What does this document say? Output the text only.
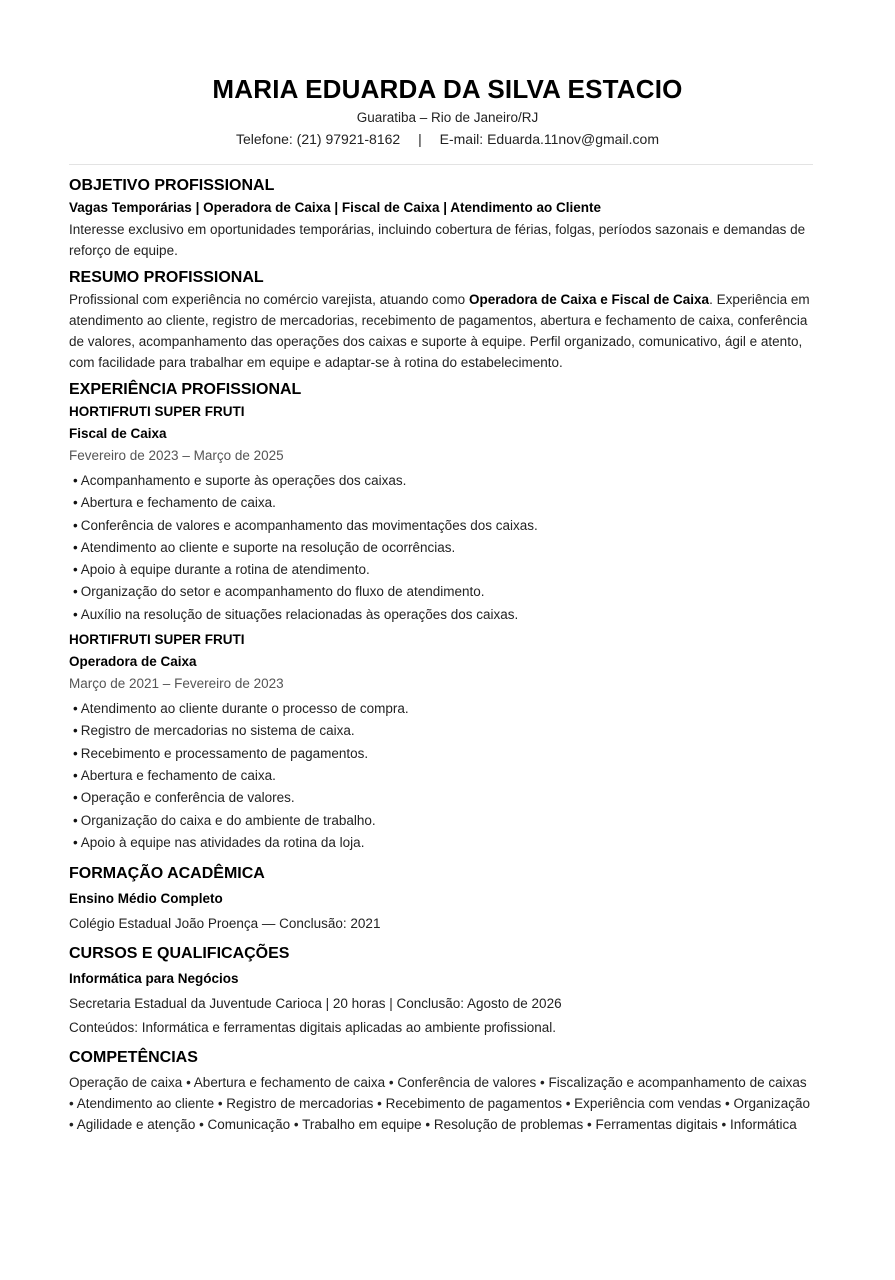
MARIA EDUARDA DA SILVA ESTACIO
Guaratiba – Rio de Janeiro/RJ
Telefone: (21) 97921-8162 | E-mail: Eduarda.11nov@gmail.com
OBJETIVO PROFISSIONAL
Vagas Temporárias | Operadora de Caixa | Fiscal de Caixa | Atendimento ao Cliente
Interesse exclusivo em oportunidades temporárias, incluindo cobertura de férias, folgas, períodos sazonais e demandas de reforço de equipe.
RESUMO PROFISSIONAL
Profissional com experiência no comércio varejista, atuando como Operadora de Caixa e Fiscal de Caixa. Experiência em atendimento ao cliente, registro de mercadorias, recebimento de pagamentos, abertura e fechamento de caixa, conferência de valores, acompanhamento das operações dos caixas e suporte à equipe. Perfil organizado, comunicativo, ágil e atento, com facilidade para trabalhar em equipe e adaptar-se à rotina do estabelecimento.
EXPERIÊNCIA PROFISSIONAL
HORTIFRUTI SUPER FRUTI
Fiscal de Caixa
Fevereiro de 2023 – Março de 2025
• Acompanhamento e suporte às operações dos caixas.
• Abertura e fechamento de caixa.
• Conferência de valores e acompanhamento das movimentações dos caixas.
• Atendimento ao cliente e suporte na resolução de ocorrências.
• Apoio à equipe durante a rotina de atendimento.
• Organização do setor e acompanhamento do fluxo de atendimento.
• Auxílio na resolução de situações relacionadas às operações dos caixas.
HORTIFRUTI SUPER FRUTI
Operadora de Caixa
Março de 2021 – Fevereiro de 2023
• Atendimento ao cliente durante o processo de compra.
• Registro de mercadorias no sistema de caixa.
• Recebimento e processamento de pagamentos.
• Abertura e fechamento de caixa.
• Operação e conferência de valores.
• Organização do caixa e do ambiente de trabalho.
• Apoio à equipe nas atividades da rotina da loja.
FORMAÇÃO ACADÊMICA
Ensino Médio Completo
Colégio Estadual João Proença — Conclusão: 2021
CURSOS E QUALIFICAÇÕES
Informática para Negócios
Secretaria Estadual da Juventude Carioca | 20 horas | Conclusão: Agosto de 2026
Conteúdos: Informática e ferramentas digitais aplicadas ao ambiente profissional.
COMPETÊNCIAS
Operação de caixa • Abertura e fechamento de caixa • Conferência de valores • Fiscalização e acompanhamento de caixas • Atendimento ao cliente • Registro de mercadorias • Recebimento de pagamentos • Experiência com vendas • Organização • Agilidade e atenção • Comunicação • Trabalho em equipe • Resolução de problemas • Ferramentas digitais • Informática
